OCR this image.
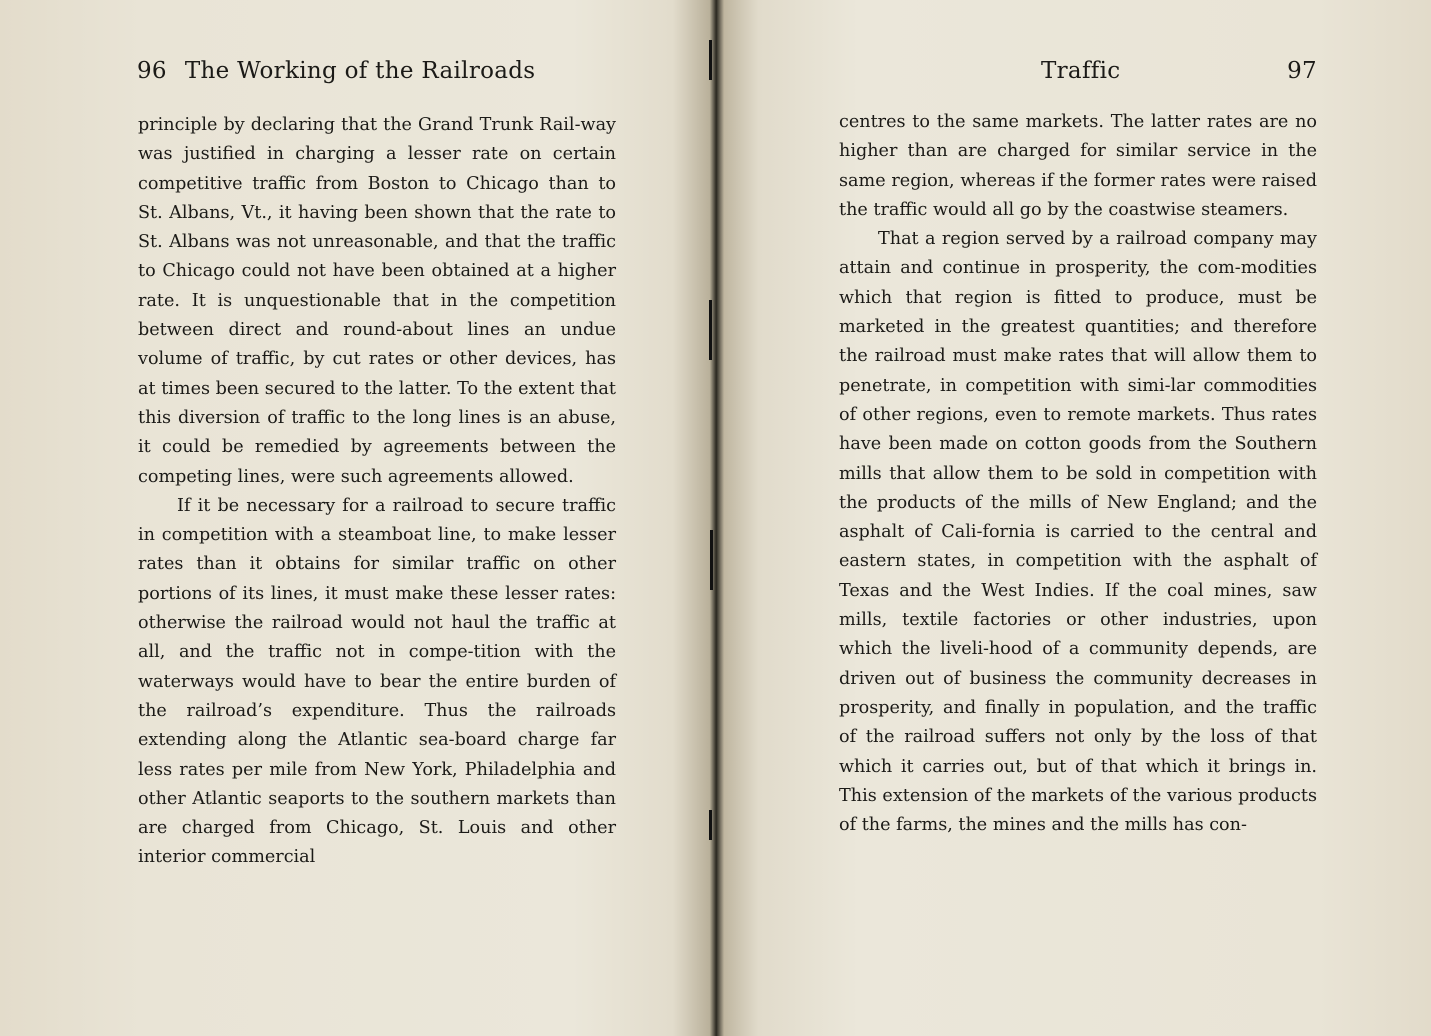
96 The Working of the Railroads

principle by declaring that the Grand Trunk Rail-way was justified in charging a lesser rate on certain competitive traffic from Boston to Chicago than to St. Albans, Vt., it having been shown that the rate to St. Albans was not unreasonable, and that the traffic to Chicago could not have been obtained at a higher rate. It is unquestionable that in the competition between direct and round-about lines an undue volume of traffic, by cut rates or other devices, has at times been secured to the latter. To the extent that this diversion of traffic to the long lines is an abuse, it could be remedied by agreements between the competing lines, were such agreements allowed.

If it be necessary for a railroad to secure traffic in competition with a steamboat line, to make lesser rates than it obtains for similar traffic on other portions of its lines, it must make these lesser rates: otherwise the railroad would not haul the traffic at all, and the traffic not in compe-tition with the waterways would have to bear the entire burden of the railroad’s expenditure. Thus the railroads extending along the Atlantic sea-board charge far less rates per mile from New York, Philadelphia and other Atlantic seaports to the southern markets than are charged from Chicago, St. Louis and other interior commercial

Traffic	97

centres to the same markets. The latter rates are no higher than are charged for similar service in the same region, whereas if the former rates were raised the traffic would all go by the coastwise steamers.

That a region served by a railroad company may attain and continue in prosperity, the com-modities which that region is fitted to produce, must be marketed in the greatest quantities; and therefore the railroad must make rates that will allow them to penetrate, in competition with simi-lar commodities of other regions, even to remote markets. Thus rates have been made on cotton goods from the Southern mills that allow them to be sold in competition with the products of the mills of New England; and the asphalt of Cali-fornia is carried to the central and eastern states, in competition with the asphalt of Texas and the West Indies. If the coal mines, saw mills, textile factories or other industries, upon which the liveli-hood of a community depends, are driven out of business the community decreases in prosperity, and finally in population, and the traffic of the railroad suffers not only by the loss of that which it carries out, but of that which it brings in. This extension of the markets of the various products of the farms, the mines and the mills has con-
